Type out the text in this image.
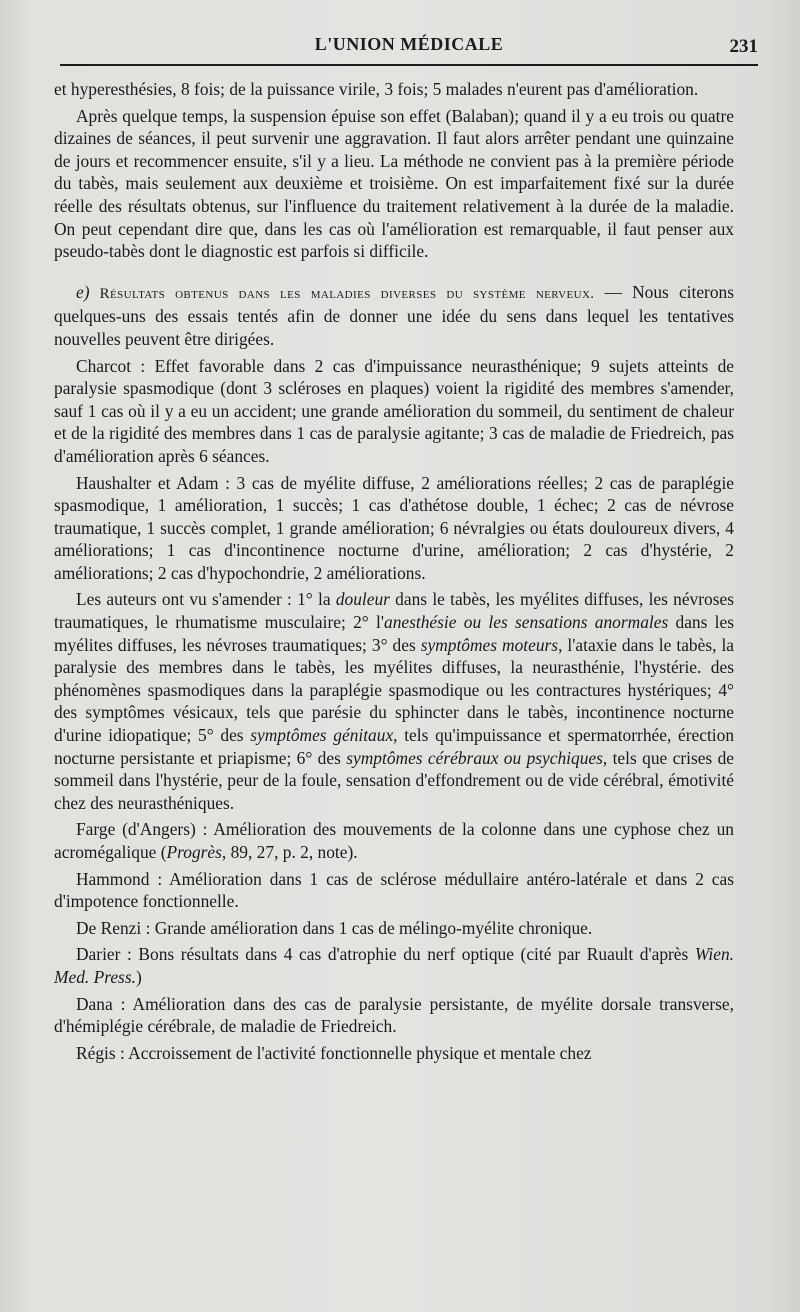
L'UNION MÉDICALE	231

et hyperesthésies, 8 fois; de la puissance virile, 3 fois; 5 malades n'eurent pas d'amélioration.

Après quelque temps, la suspension épuise son effet (Balaban); quand il y a eu trois ou quatre dizaines de séances, il peut survenir une aggravation. Il faut alors arrêter pendant une quinzaine de jours et recommencer ensuite, s'il y a lieu. La méthode ne convient pas à la première période du tabès, mais seulement aux deuxième et troisième. On est imparfaitement fixé sur la durée réelle des résultats obtenus, sur l'influence du traitement relativement à la durée de la maladie. On peut cependant dire que, dans les cas où l'amélioration est remarquable, il faut penser aux pseudo-tabès dont le diagnostic est parfois si difficile.

e) Résultats obtenus dans les maladies diverses du système nerveux. — Nous citerons quelques-uns des essais tentés afin de donner une idée du sens dans lequel les tentatives nouvelles peuvent être dirigées.

Charcot : Effet favorable dans 2 cas d'impuissance neurasthénique; 9 sujets atteints de paralysie spasmodique (dont 3 scléroses en plaques) voient la rigidité des membres s'amender, sauf 1 cas où il y a eu un accident; une grande amélioration du sommeil, du sentiment de chaleur et de la rigidité des membres dans 1 cas de paralysie agitante; 3 cas de maladie de Friedreich, pas d'amélioration après 6 séances.

Haushalter et Adam : 3 cas de myélite diffuse, 2 améliorations réelles; 2 cas de paraplégie spasmodique, 1 amélioration, 1 succès; 1 cas d'athétose double, 1 échec; 2 cas de névrose traumatique, 1 succès complet, 1 grande amélioration; 6 névralgies ou états douloureux divers, 4 améliorations; 1 cas d'incontinence nocturne d'urine, amélioration; 2 cas d'hystérie, 2 améliorations; 2 cas d'hypochondrie, 2 améliorations.

Les auteurs ont vu s'amender : 1° la douleur dans le tabès, les myélites diffuses, les névroses traumatiques, le rhumatisme musculaire; 2° l'anesthésie ou les sensations anormales dans les myélites diffuses, les névroses traumatiques; 3° des symptômes moteurs, l'ataxie dans le tabès, la paralysie des membres dans le tabès, les myélites diffuses, la neurasthénie, l'hystérie. des phénomènes spasmodiques dans la paraplégie spasmodique ou les contractures hystériques; 4° des symptômes vésicaux, tels que parésie du sphincter dans le tabès, incontinence nocturne d'urine idiopatique; 5° des symptômes génitaux, tels qu'impuissance et spermatorrhée, érection nocturne persistante et priapisme; 6° des symptômes cérébraux ou psychiques, tels que crises de sommeil dans l'hystérie, peur de la foule, sensation d'effondrement ou de vide cérébral, émotivité chez des neurasthéniques.

Farge (d'Angers) : Amélioration des mouvements de la colonne dans une cyphose chez un acromégalique (Progrès, 89, 27, p. 2, note).

Hammond : Amélioration dans 1 cas de sclérose médullaire antéro-latérale et dans 2 cas d'impotence fonctionnelle.

De Renzi : Grande amélioration dans 1 cas de mélingo-myélite chronique.

Darier : Bons résultats dans 4 cas d'atrophie du nerf optique (cité par Ruault d'après Wien. Med. Press.)

Dana : Amélioration dans des cas de paralysie persistante, de myélite dorsale transverse, d'hémiplégie cérébrale, de maladie de Friedreich.

Régis : Accroissement de l'activité fonctionnelle physique et mentale chez
